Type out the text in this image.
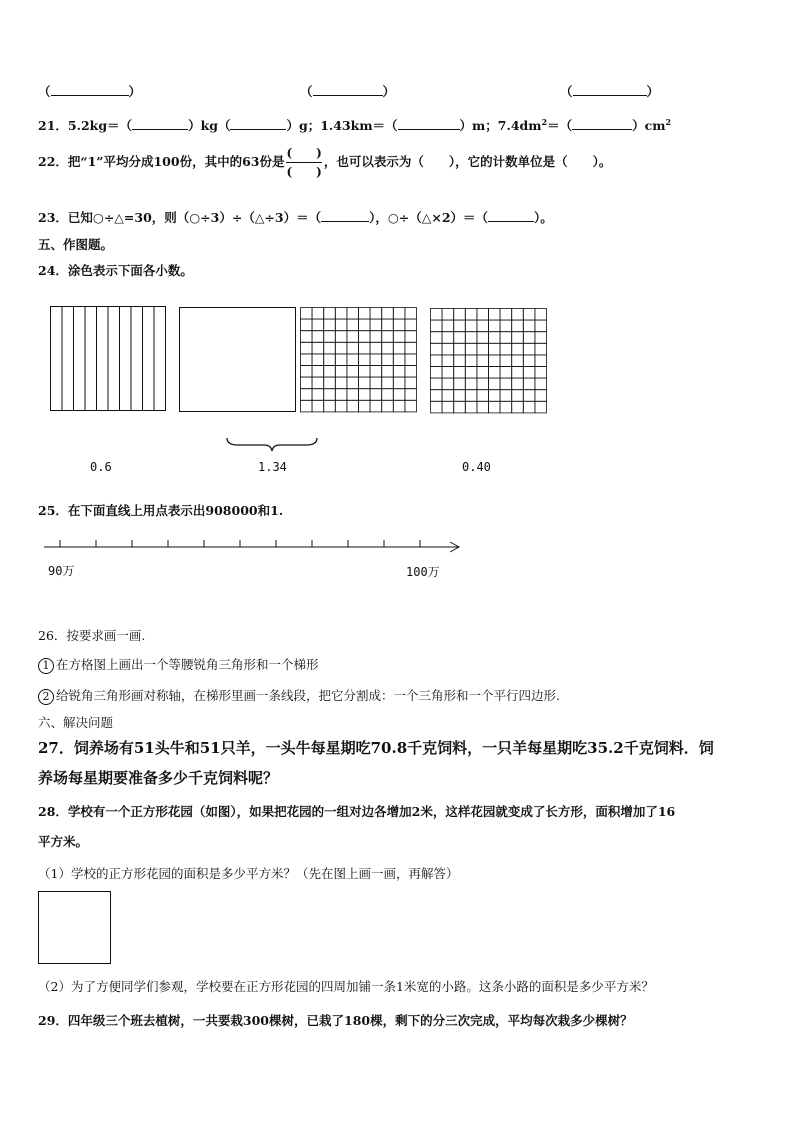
（	）	（	）	（	）
21．5.2kg＝（	）kg（	）g；1.43km＝（	）m；$7.4dm^2=$（	）$cm^2$
22．把“1”平均分成100份，其中的63份是 $\frac{( )}{( )}$ ，也可以表示为（　　），它的计数单位是（　　）。
23．已知○÷△=30，则（○÷3）÷（△÷3）＝（	），○÷（△×2）＝（	）。
五、作图题。
24．涂色表示下面各小数。
0.6	1.34	0.40
25．在下面直线上用点表示出908000和1.
90万	100万
26．按要求画一画.
1 在方格图上画出一个等腰锐角三角形和一个梯形
2 给锐角三角形画对称轴，在梯形里画一条线段，把它分割成：一个三角形和一个平行四边形.
六、解决问题
27．饲养场有51头牛和51只羊，一头牛每星期吃70.8千克饲料，一只羊每星期吃35.2千克饲料．饲
养场每星期要准备多少千克饲料呢？
28．学校有一个正方形花园（如图），如果把花园的一组对边各增加2米，这样花园就变成了长方形，面积增加了16
平方米。
（1）学校的正方形花园的面积是多少平方米？（先在图上画一画，再解答）
（2）为了方便同学们参观，学校要在正方形花园的四周加铺一条1米宽的小路。这条小路的面积是多少平方米？
29．四年级三个班去植树，一共要栽300棵树，已栽了180棵，剩下的分三次完成，平均每次栽多少棵树？
